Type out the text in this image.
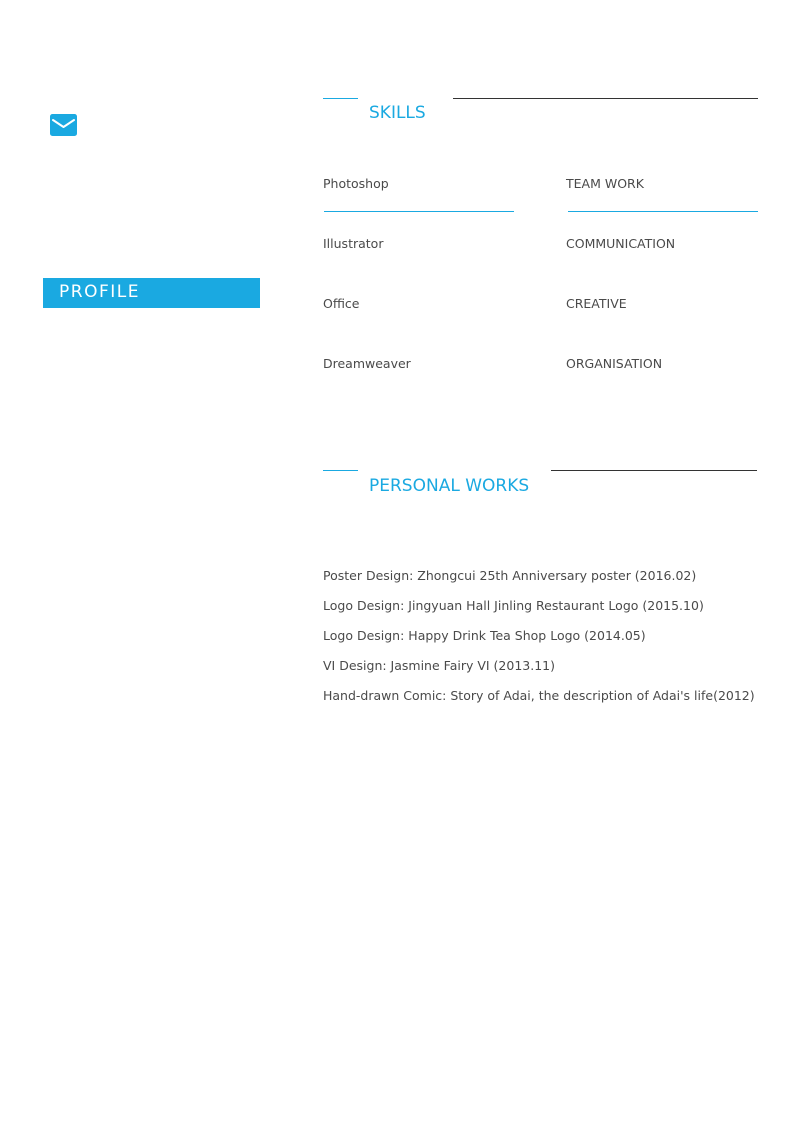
PROFILE
SKILLS
Photoshop	TEAM WORK
Illustrator	COMMUNICATION
Office	CREATIVE
Dreamweaver	ORGANISATION
PERSONAL WORKS
Poster Design: Zhongcui 25th Anniversary poster (2016.02)
Logo Design: Jingyuan Hall Jinling Restaurant Logo (2015.10)
Logo Design: Happy Drink Tea Shop Logo (2014.05)
VI Design: Jasmine Fairy VI (2013.11)
Hand-drawn Comic: Story of Adai, the description of Adai's life(2012)
